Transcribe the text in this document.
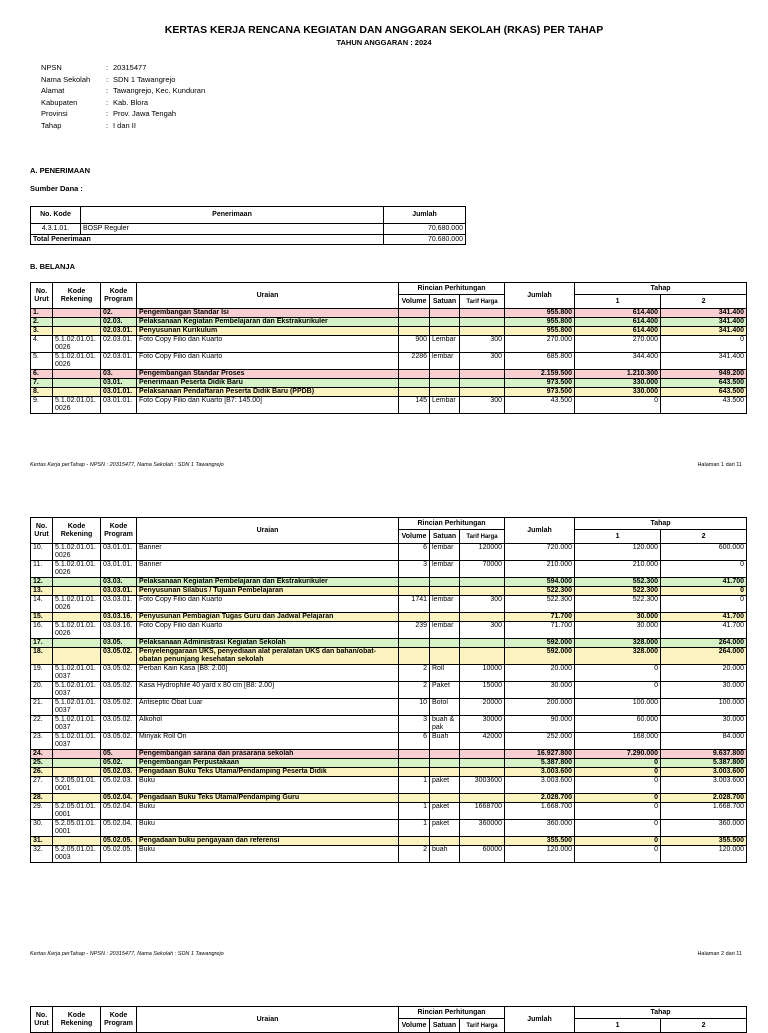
KERTAS KERJA RENCANA KEGIATAN DAN ANGGARAN SEKOLAH (RKAS) PER TAHAP
TAHUN ANGGARAN : 2024
NPSN	:	20315477
Nama Sekolah	:	SDN 1 Tawangrejo
Alamat	:	Tawangrejo, Kec. Kunduran
Kabupaten	:	Kab. Blora
Provinsi	:	Prov. Jawa Tengah
Tahap	:	I dan II
A. PENERIMAAN
Sumber Dana :
No. Kode	Penerimaan	Jumlah
4.3.1.01.	BOSP Reguler	70.680.000
Total Penerimaan		70.680.000
B. BELANJA
No. Urut	Kode Rekening	Kode Program	Uraian	Rincian Perhitungan			Jumlah	Tahap	
				Volume	Satuan	Tarif Harga		1	2
1.		02.	Pengembangan Standar Isi				955.800	614.400	341.400
2.		02.03.	Pelaksanaan Kegiatan Pembelajaran dan Ekstrakurikuler				955.800	614.400	341.400
3.		02.03.01.	Penyusunan Kurikulum				955.800	614.400	341.400
4.	5.1.02.01.01.0026	02.03.01.	Foto Copy Filio dan Kuarto	900	Lembar	300	270.000	270.000	0
5.	5.1.02.01.01.0026	02.03.01.	Foto Copy Filio dan Kuarto	2286	lembar	300	685.800	344.400	341.400
6.		03.	Pengembangan Standar Proses				2.159.500	1.210.300	949.200
7.		03.01.	Penerimaan Peserta Didik Baru				973.500	330.000	643.500
8.		03.01.01.	Pelaksanaan Pendaftaran Peserta Didik Baru (PPDB)				973.500	330.000	643.500
9.	5.1.02.01.01.0026	03.01.01.	Foto Copy Filio dan Kuarto [B7: 145.00]	145	Lembar	300	43.500	0	43.500
Kertas Kerja perTahap - NPSN : 20315477, Nama Sekolah : SDN 1 Tawangrejo	Halaman 1 dari 11
No. Urut	Kode Rekening	Kode Program	Uraian	Rincian Perhitungan			Jumlah	Tahap	
				Volume	Satuan	Tarif Harga		1	2
10.	5.1.02.01.01.0026	03.01.01.	Banner	6	lembar	120000	720.000	120.000	600.000
11.	5.1.02.01.01.0026	03.01.01.	Banner	3	lembar	70000	210.000	210.000	0
12.		03.03.	Pelaksanaan Kegiatan Pembelajaran dan Ekstrakurikuler				594.000	552.300	41.700
13.		03.03.01.	Penyusunan Silabus / Tujuan Pembelajaran				522.300	522.300	0
14.	5.1.02.01.01.0026	03.03.01.	Foto Copy Filio dan Kuarto	1741	lembar	300	522.300	522.300	0
15.		03.03.16.	Penyusunan Pembagian Tugas Guru dan Jadwal Pelajaran				71.700	30.000	41.700
16.	5.1.02.01.01.0026	03.03.16.	Foto Copy Filio dan Kuarto	239	lembar	300	71.700	30.000	41.700
17.		03.05.	Pelaksanaan Administrasi Kegiatan Sekolah				592.000	328.000	264.000
18.		03.05.02.	Penyelenggaraan UKS, penyediaan alat peralatan UKS dan bahan/obat-obatan penunjang kesehatan sekolah				592.000	328.000	264.000
19.	5.1.02.01.01.0037	03.05.02.	Perban Kain Kasa [B8: 2.00]	2	Roll	10000	20.000	0	20.000
20.	5.1.02.01.01.0037	03.05.02.	Kasa Hydrophile 40 yard x 80 cm [B8: 2.00]	2	Paket	15000	30.000	0	30.000
21.	5.1.02.01.01.0037	03.05.02.	Antiseptic Obat Luar	10	Botol	20000	200.000	100.000	100.000
22.	5.1.02.01.01.0037	03.05.02.	Alkohol	3	buah & pak	30000	90.000	60.000	30.000
23.	5.1.02.01.01.0037	03.05.02.	Minyak Roll On	6	Buah	42000	252.000	168.000	84.000
24.		05.	Pengembangan sarana dan prasarana sekolah				16.927.800	7.290.000	9.637.800
25.		05.02.	Pengembangan Perpustakaan				5.387.800	0	5.387.800
26.		05.02.03.	Pengadaan Buku Teks Utama/Pendamping Peserta Didik				3.003.600	0	3.003.600
27.	5.2.05.01.01.0001	05.02.03.	Buku	1	paket	3003600	3.003.600	0	3.003.600
28.		05.02.04.	Pengadaan Buku Teks Utama/Pendamping Guru				2.028.700	0	2.028.700
29.	5.2.05.01.01.0001	05.02.04.	Buku	1	paket	1668700	1.668.700	0	1.668.700
30.	5.2.05.01.01.0001	05.02.04.	Buku	1	paket	360000	360.000	0	360.000
31.		05.02.05.	Pengadaan buku pengayaan dan referensi				355.500	0	355.500
32.	5.2.05.01.01.0003	05.02.05.	Buku	2	buah	60000	120.000	0	120.000
Kertas Kerja perTahap - NPSN : 20315477, Nama Sekolah : SDN 1 Tawangrejo	Halaman 2 dari 11
No. Urut	Kode Rekening	Kode Program	Uraian	Rincian Perhitungan			Jumlah	Tahap	
				Volume	Satuan	Tarif Harga		1	2
